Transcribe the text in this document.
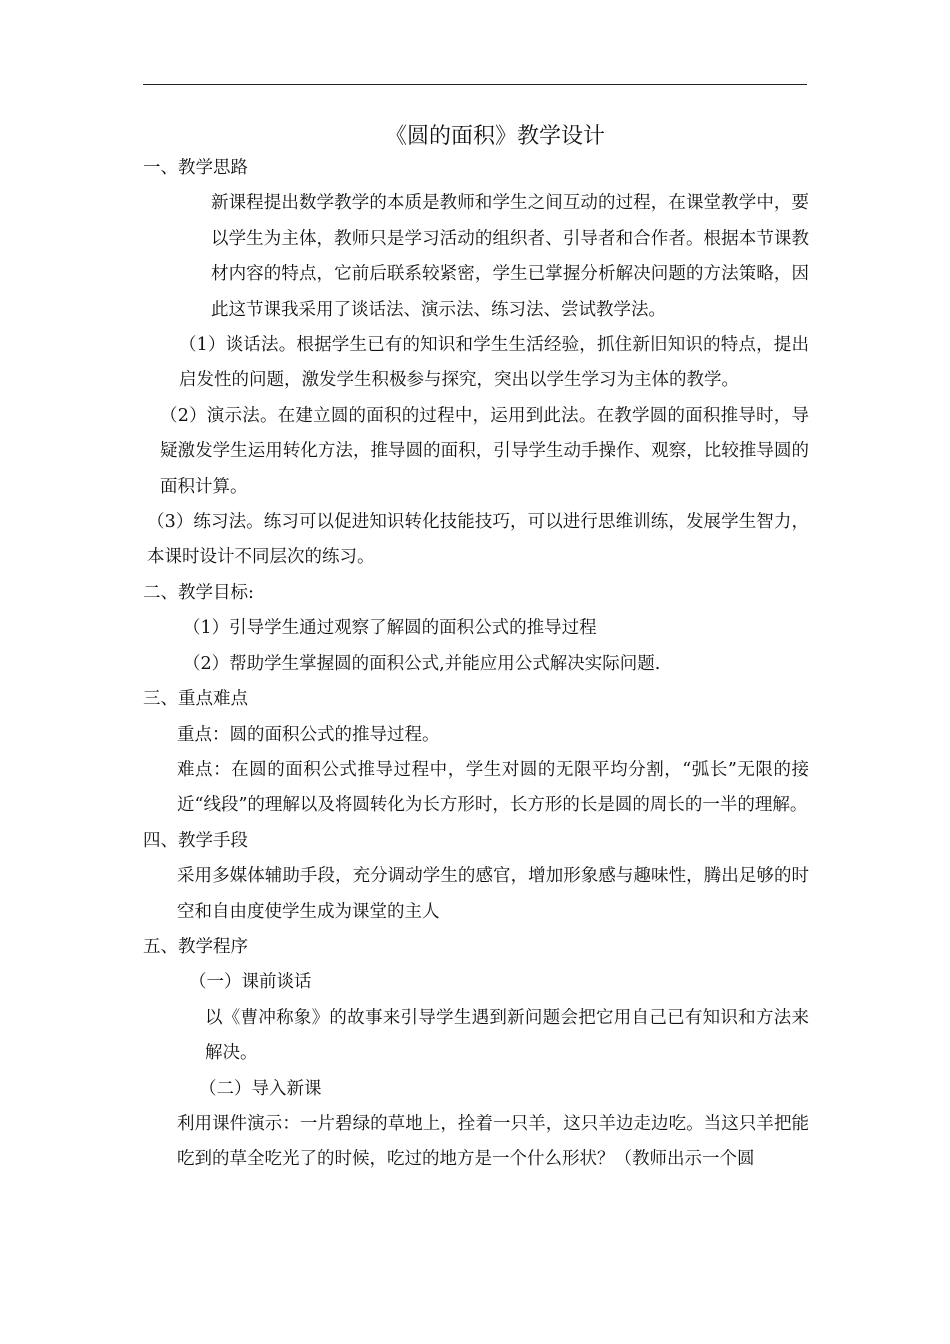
《圆的面积》教学设计

一、教学思路

新课程提出数学教学的本质是教师和学生之间互动的过程，在课堂教学中，要以学生为主体，教师只是学习活动的组织者、引导者和合作者。根据本节课教材内容的特点，它前后联系较紧密，学生已掌握分析解决问题的方法策略，因此这节课我采用了谈话法、演示法、练习法、尝试教学法。

（1）谈话法。根据学生已有的知识和学生生活经验，抓住新旧知识的特点，提出启发性的问题，激发学生积极参与探究，突出以学生学习为主体的教学。

（2）演示法。在建立圆的面积的过程中，运用到此法。在教学圆的面积推导时，导疑激发学生运用转化方法，推导圆的面积，引导学生动手操作、观察，比较推导圆的面积计算。

（3）练习法。练习可以促进知识转化技能技巧，可以进行思维训练，发展学生智力，本课时设计不同层次的练习。

二、教学目标:

（1）引导学生通过观察了解圆的面积公式的推导过程

（2）帮助学生掌握圆的面积公式,并能应用公式解决实际问题.

三、重点难点

重点：圆的面积公式的推导过程。

难点：在圆的面积公式推导过程中，学生对圆的无限平均分割，“弧长”无限的接近“线段”的理解以及将圆转化为长方形时，长方形的长是圆的周长的一半的理解。

四、教学手段

采用多媒体辅助手段，充分调动学生的感官，增加形象感与趣味性，腾出足够的时空和自由度使学生成为课堂的主人

五、教学程序

（一）课前谈话

以《曹冲称象》的故事来引导学生遇到新问题会把它用自己已有知识和方法来解决。

（二）导入新课

利用课件演示：一片碧绿的草地上，拴着一只羊，这只羊边走边吃。当这只羊把能吃到的草全吃光了的时候，吃过的地方是一个什么形状？（教师出示一个圆
